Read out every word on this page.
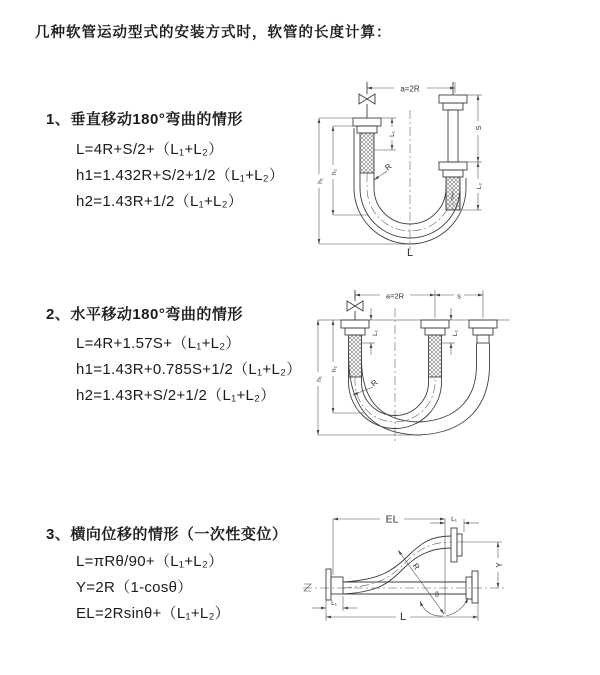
几种软管运动型式的安装方式时，软管的长度计算：
1、垂直移动180°弯曲的情形
L=4R+S/2+（L₁+L₂）
h1=1.432R+S/2+1/2（L₁+L₂）
h2=1.43R+1/2（L₁+L₂）
2、水平移动180°弯曲的情形
L=4R+1.57S+（L₁+L₂）
h1=1.43R+0.785S+1/2（L₁+L₂）
h2=1.43R+S/2+1/2（L₁+L₂）
3、横向位移的情形（一次性变位）
L=πRθ/90+（L₁+L₂）
Y=2R（1-cosθ）
EL=2Rsinθ+（L₁+L₂）
a=2R
L₁
S
L₂
h₁
h₂	R
L
a=2R	s
h₁
h₂
L₁	L₂
R
EL	L₁
Y
L
L₁
R
θ
